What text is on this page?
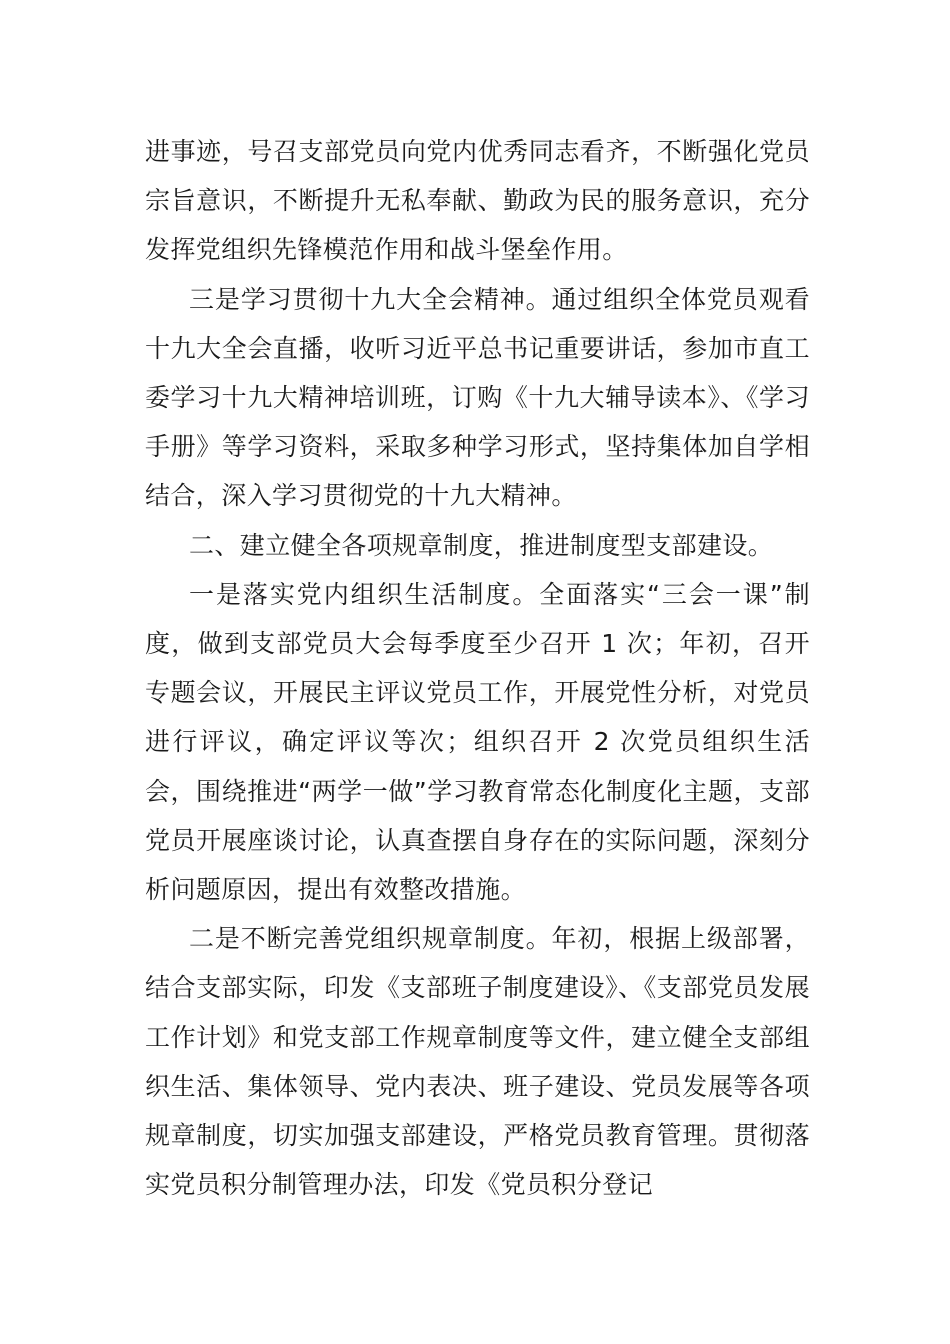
进事迹，号召支部党员向党内优秀同志看齐，不断强化党员宗旨意识，不断提升无私奉献、勤政为民的服务意识，充分发挥党组织先锋模范作用和战斗堡垒作用。

三是学习贯彻十九大全会精神。通过组织全体党员观看十九大全会直播，收听习近平总书记重要讲话，参加市直工委学习十九大精神培训班，订购《十九大辅导读本》、《学习手册》等学习资料，采取多种学习形式，坚持集体加自学相结合，深入学习贯彻党的十九大精神。

二、建立健全各项规章制度，推进制度型支部建设。

一是落实党内组织生活制度。全面落实“三会一课”制度，做到支部党员大会每季度至少召开 1 次；年初，召开专题会议，开展民主评议党员工作，开展党性分析，对党员进行评议，确定评议等次；组织召开 2 次党员组织生活会，围绕推进“两学一做”学习教育常态化制度化主题，支部党员开展座谈讨论，认真查摆自身存在的实际问题，深刻分析问题原因，提出有效整改措施。

二是不断完善党组织规章制度。年初，根据上级部署，结合支部实际，印发《支部班子制度建设》、《支部党员发展工作计划》和党支部工作规章制度等文件，建立健全支部组织生活、集体领导、党内表决、班子建设、党员发展等各项规章制度，切实加强支部建设，严格党员教育管理。贯彻落实党员积分制管理办法，印发《党员积分登记
